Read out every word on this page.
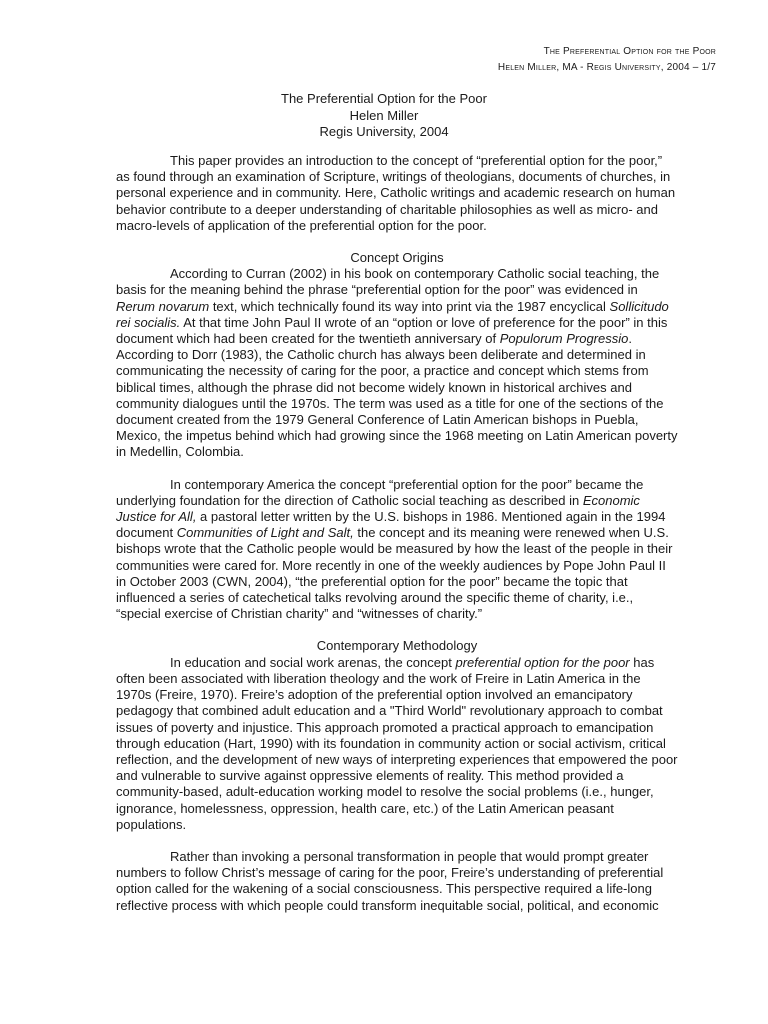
The Preferential Option for the Poor
Helen Miller, MA - Regis University, 2004 – 1/7
The Preferential Option for the Poor
Helen Miller
Regis University, 2004

This paper provides an introduction to the concept of “preferential option for the poor,” as found through an examination of Scripture, writings of theologians, documents of churches, in personal experience and in community. Here, Catholic writings and academic research on human behavior contribute to a deeper understanding of charitable philosophies as well as micro- and macro-levels of application of the preferential option for the poor.

Concept Origins

According to Curran (2002) in his book on contemporary Catholic social teaching, the basis for the meaning behind the phrase “preferential option for the poor” was evidenced in Rerum novarum text, which technically found its way into print via the 1987 encyclical Sollicitudo rei socialis. At that time John Paul II wrote of an “option or love of preference for the poor” in this document which had been created for the twentieth anniversary of Populorum Progressio. According to Dorr (1983), the Catholic church has always been deliberate and determined in communicating the necessity of caring for the poor, a practice and concept which stems from biblical times, although the phrase did not become widely known in historical archives and community dialogues until the 1970s. The term was used as a title for one of the sections of the document created from the 1979 General Conference of Latin American bishops in Puebla, Mexico, the impetus behind which had growing since the 1968 meeting on Latin American poverty in Medellin, Colombia.

In contemporary America the concept “preferential option for the poor” became the underlying foundation for the direction of Catholic social teaching as described in Economic Justice for All, a pastoral letter written by the U.S. bishops in 1986. Mentioned again in the 1994 document Communities of Light and Salt, the concept and its meaning were renewed when U.S. bishops wrote that the Catholic people would be measured by how the least of the people in their communities were cared for. More recently in one of the weekly audiences by Pope John Paul II in October 2003 (CWN, 2004), “the preferential option for the poor” became the topic that influenced a series of catechetical talks revolving around the specific theme of charity, i.e., “special exercise of Christian charity” and “witnesses of charity.”

Contemporary Methodology

In education and social work arenas, the concept preferential option for the poor has often been associated with liberation theology and the work of Freire in Latin America in the 1970s (Freire, 1970). Freire’s adoption of the preferential option involved an emancipatory pedagogy that combined adult education and a "Third World" revolutionary approach to combat issues of poverty and injustice. This approach promoted a practical approach to emancipation through education (Hart, 1990) with its foundation in community action or social activism, critical reflection, and the development of new ways of interpreting experiences that empowered the poor and vulnerable to survive against oppressive elements of reality. This method provided a community-based, adult-education working model to resolve the social problems (i.e., hunger, ignorance, homelessness, oppression, health care, etc.) of the Latin American peasant populations.

Rather than invoking a personal transformation in people that would prompt greater numbers to follow Christ’s message of caring for the poor, Freire’s understanding of preferential option called for the wakening of a social consciousness. This perspective required a life-long reflective process with which people could transform inequitable social, political, and economic
